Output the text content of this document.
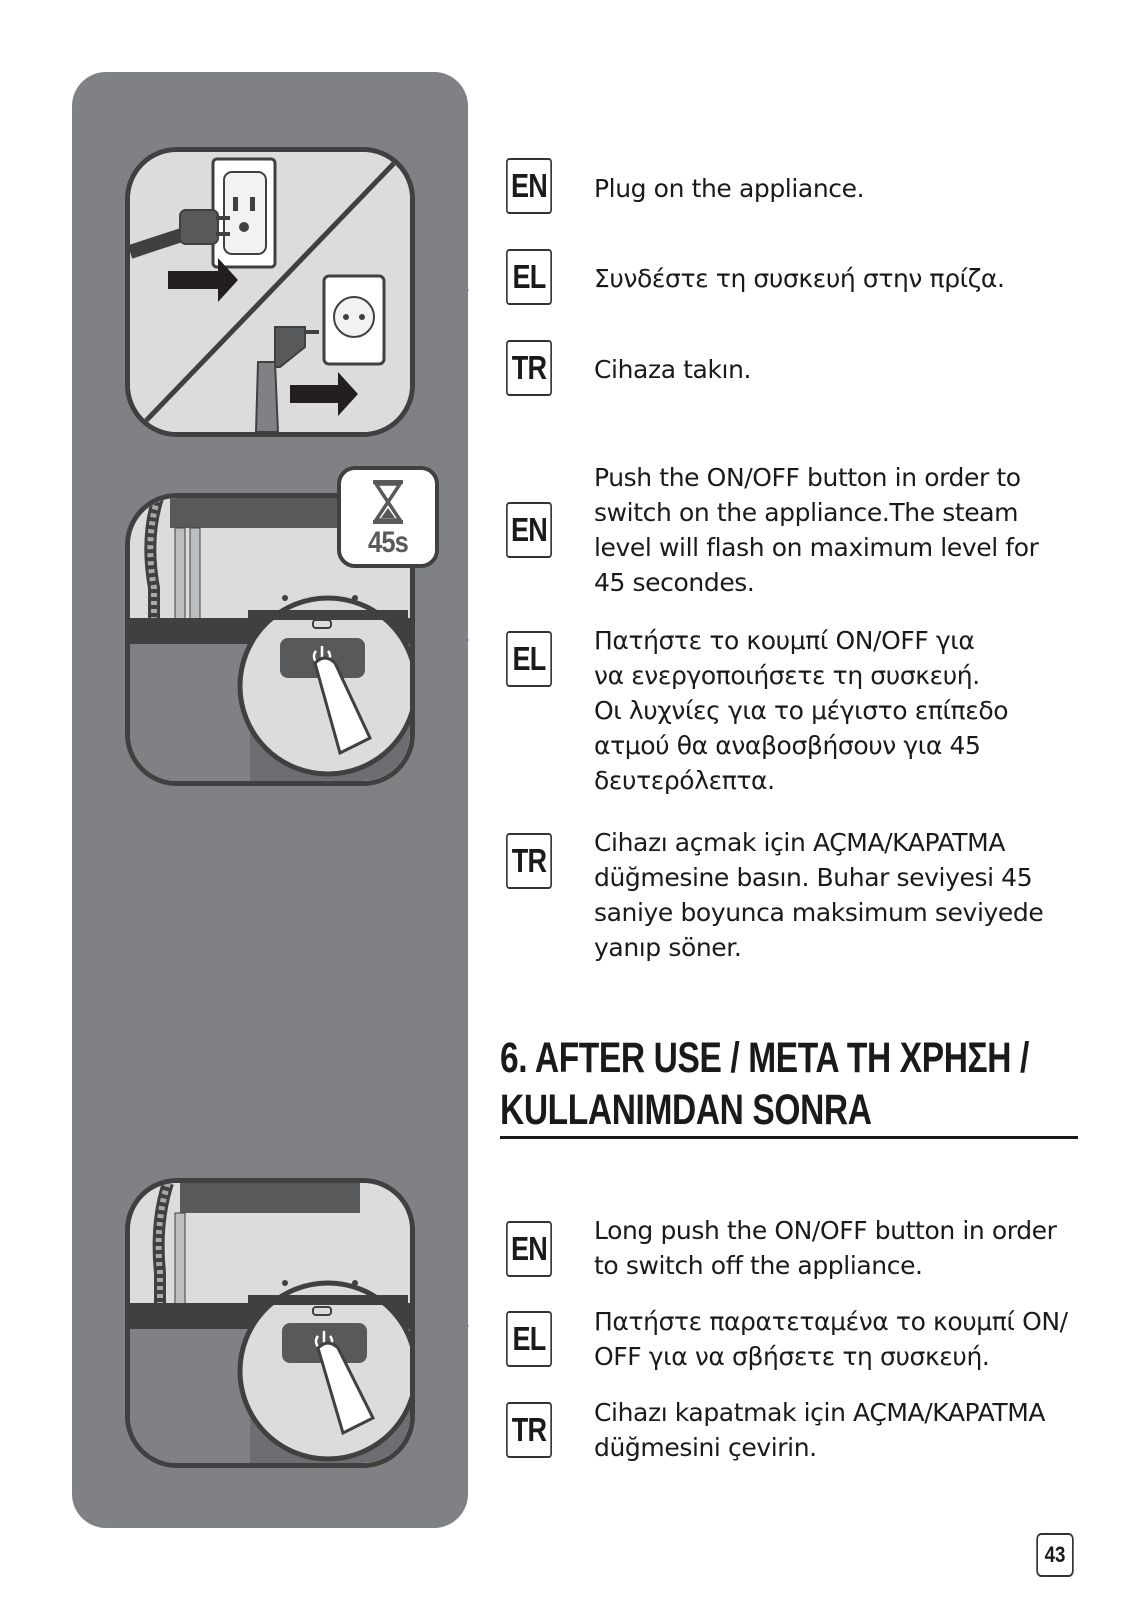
45s
EN Plug on the appliance.
EL Συνδέστε τη συσκευή στην πρίζα.
TR Cihaza takın.
EN
Push the ON/OFF button in order to
switch on the appliance.The steam
level will flash on maximum level for
45 secondes.
EL Πατήστε το κουμπί ON/OFF για
να ενεργοποιήσετε τη συσκευή.
Οι λυχνίες για το μέγιστο επίπεδο
ατμού θα αναβοσβήσουν για 45
δευτερόλεπτα.
TR Cihazı açmak için AÇMA/KAPATMA
düğmesine basın. Buhar seviyesi 45
saniye boyunca maksimum seviyede
yanıp söner.
6. AFTER USE / META ΤΗ ΧΡΗΣΗ /
KULLANIMDAN SONRA
EN Long push the ON/OFF button in order
to switch off the appliance.
EL Πατήστε παρατεταμένα το κουμπί ON/
OFF για να σβήσετε τη συσκευή.
TR Cihazı kapatmak için AÇMA/KAPATMA
düğmesini çevirin.
43
